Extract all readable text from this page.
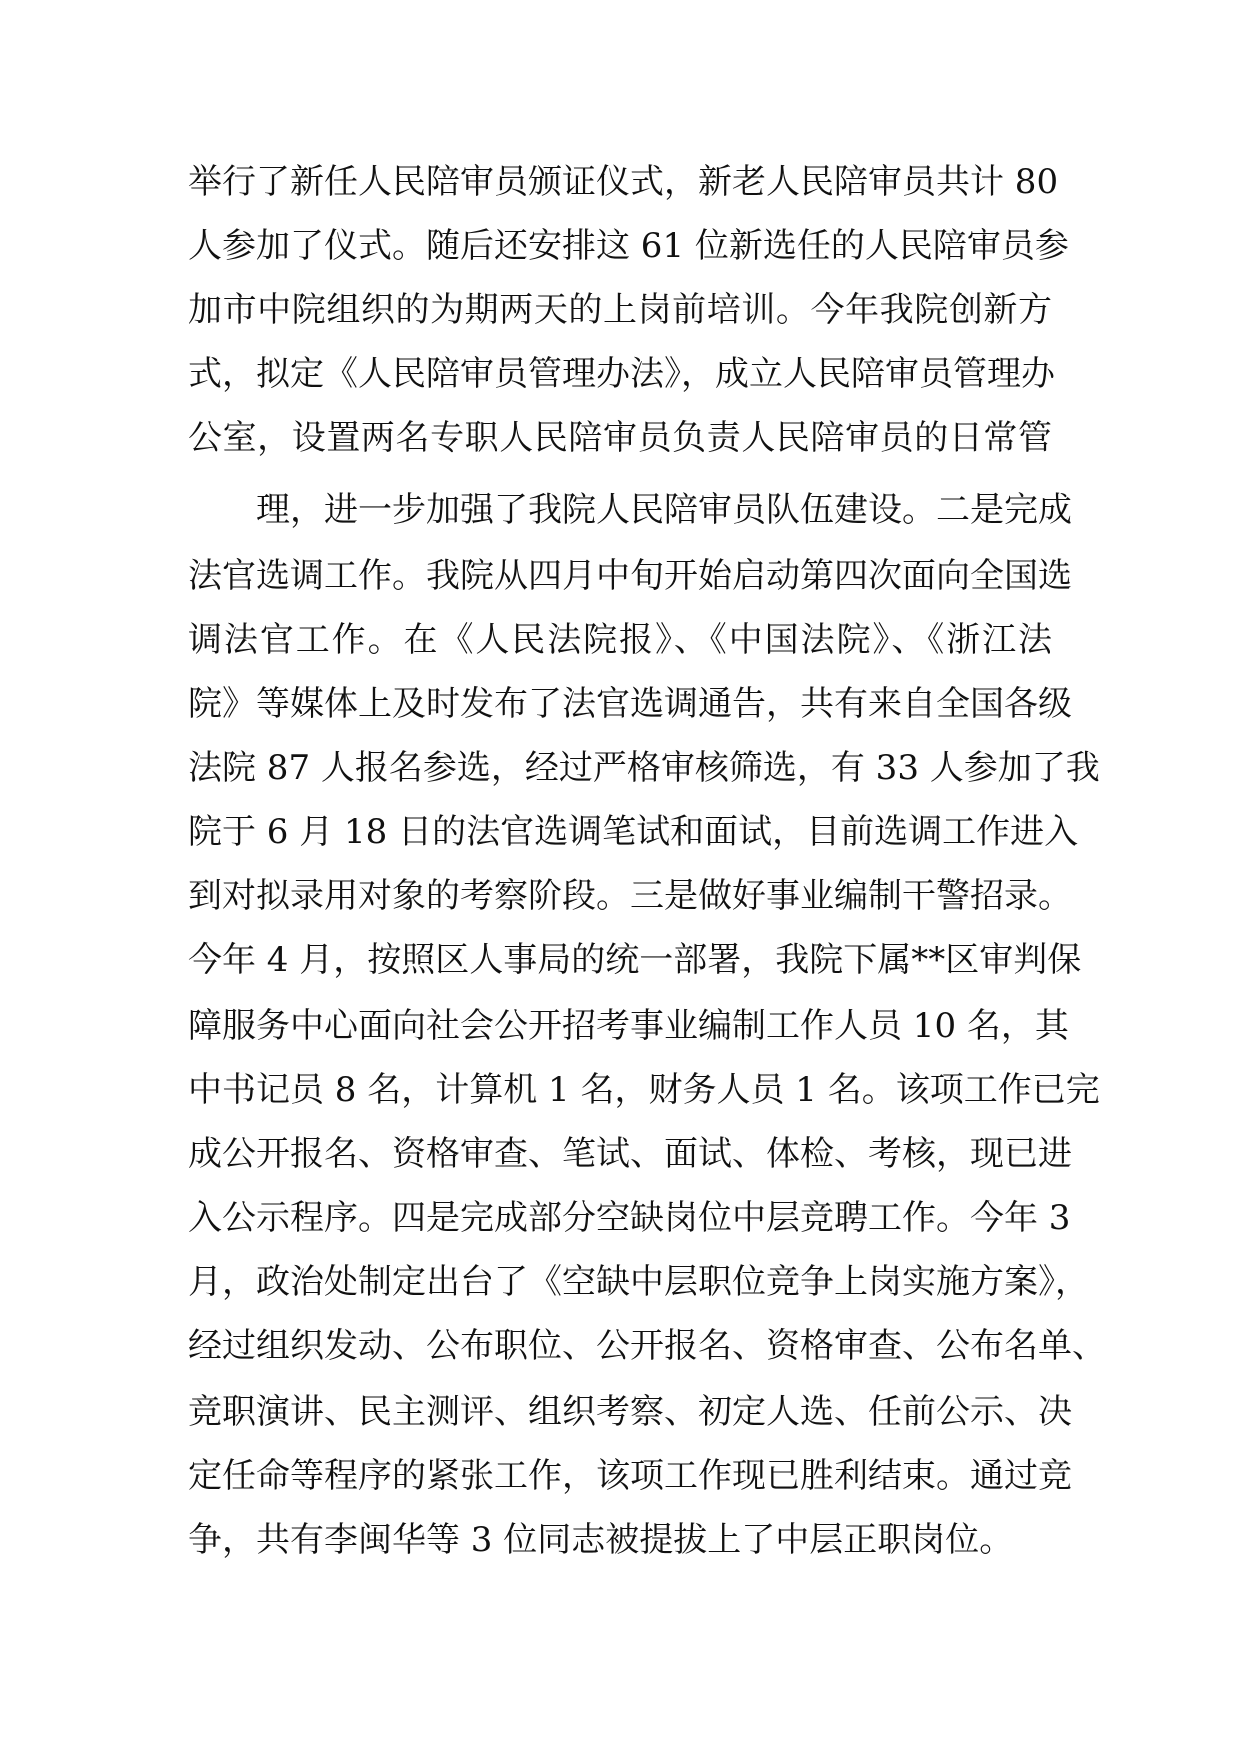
举行了新任人民陪审员颁证仪式，新老人民陪审员共计 80
人参加了仪式。随后还安排这 61 位新选任的人民陪审员参
加市中院组织的为期两天的上岗前培训。今年我院创新方
式，拟定《人民陪审员管理办法》，成立人民陪审员管理办
公室，设置两名专职人民陪审员负责人民陪审员的日常管
理，进一步加强了我院人民陪审员队伍建设。二是完成
法官选调工作。我院从四月中旬开始启动第四次面向全国选
调法官工作。在《人民法院报》、《中国法院》、《浙江法
院》等媒体上及时发布了法官选调通告，共有来自全国各级
法院 87 人报名参选，经过严格审核筛选，有 33 人参加了我
院于 6 月 18 日的法官选调笔试和面试，目前选调工作进入
到对拟录用对象的考察阶段。三是做好事业编制干警招录。
今年 4 月，按照区人事局的统一部署，我院下属**区审判保
障服务中心面向社会公开招考事业编制工作人员 10 名，其
中书记员 8 名，计算机 1 名，财务人员 1 名。该项工作已完
成公开报名、资格审查、笔试、面试、体检、考核，现已进
入公示程序。四是完成部分空缺岗位中层竞聘工作。今年 3
月，政治处制定出台了《空缺中层职位竞争上岗实施方案》，
经过组织发动、公布职位、公开报名、资格审查、公布名单、
竞职演讲、民主测评、组织考察、初定人选、任前公示、决
定任命等程序的紧张工作，该项工作现已胜利结束。通过竞
争，共有李闽华等 3 位同志被提拔上了中层正职岗位。
